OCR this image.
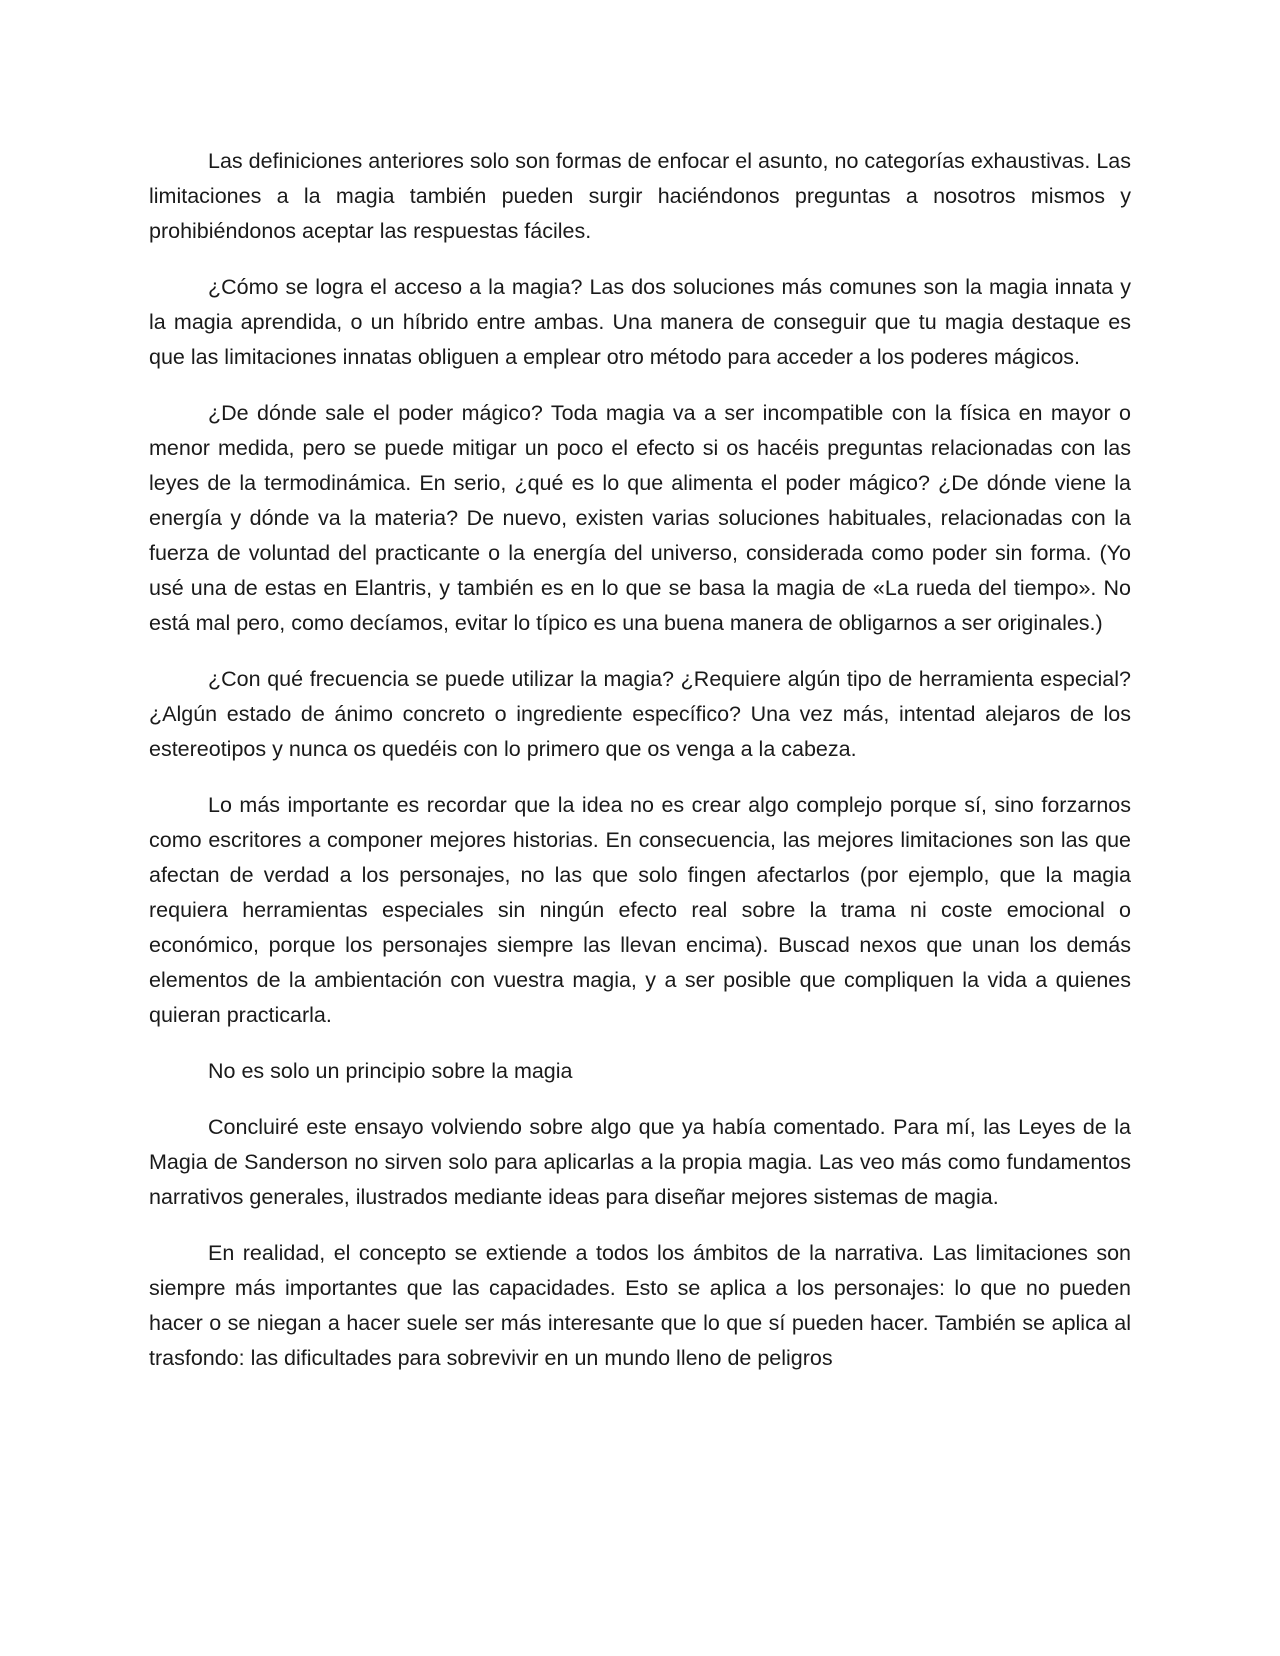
Las definiciones anteriores solo son formas de enfocar el asunto, no categorías exhaustivas. Las limitaciones a la magia también pueden surgir haciéndonos preguntas a nosotros mismos y prohibiéndonos aceptar las respuestas fáciles.

¿Cómo se logra el acceso a la magia? Las dos soluciones más comunes son la magia innata y la magia aprendida, o un híbrido entre ambas. Una manera de conseguir que tu magia destaque es que las limitaciones innatas obliguen a emplear otro método para acceder a los poderes mágicos.

¿De dónde sale el poder mágico? Toda magia va a ser incompatible con la física en mayor o menor medida, pero se puede mitigar un poco el efecto si os hacéis preguntas relacionadas con las leyes de la termodinámica. En serio, ¿qué es lo que alimenta el poder mágico? ¿De dónde viene la energía y dónde va la materia? De nuevo, existen varias soluciones habituales, relacionadas con la fuerza de voluntad del practicante o la energía del universo, considerada como poder sin forma. (Yo usé una de estas en Elantris, y también es en lo que se basa la magia de «La rueda del tiempo». No está mal pero, como decíamos, evitar lo típico es una buena manera de obligarnos a ser originales.)

¿Con qué frecuencia se puede utilizar la magia? ¿Requiere algún tipo de herramienta especial? ¿Algún estado de ánimo concreto o ingrediente específico? Una vez más, intentad alejaros de los estereotipos y nunca os quedéis con lo primero que os venga a la cabeza.

Lo más importante es recordar que la idea no es crear algo complejo porque sí, sino forzarnos como escritores a componer mejores historias. En consecuencia, las mejores limitaciones son las que afectan de verdad a los personajes, no las que solo fingen afectarlos (por ejemplo, que la magia requiera herramientas especiales sin ningún efecto real sobre la trama ni coste emocional o económico, porque los personajes siempre las llevan encima). Buscad nexos que unan los demás elementos de la ambientación con vuestra magia, y a ser posible que compliquen la vida a quienes quieran practicarla.

No es solo un principio sobre la magia

Concluiré este ensayo volviendo sobre algo que ya había comentado. Para mí, las Leyes de la Magia de Sanderson no sirven solo para aplicarlas a la propia magia. Las veo más como fundamentos narrativos generales, ilustrados mediante ideas para diseñar mejores sistemas de magia.

En realidad, el concepto se extiende a todos los ámbitos de la narrativa. Las limitaciones son siempre más importantes que las capacidades. Esto se aplica a los personajes: lo que no pueden hacer o se niegan a hacer suele ser más interesante que lo que sí pueden hacer. También se aplica al trasfondo: las dificultades para sobrevivir en un mundo lleno de peligros
